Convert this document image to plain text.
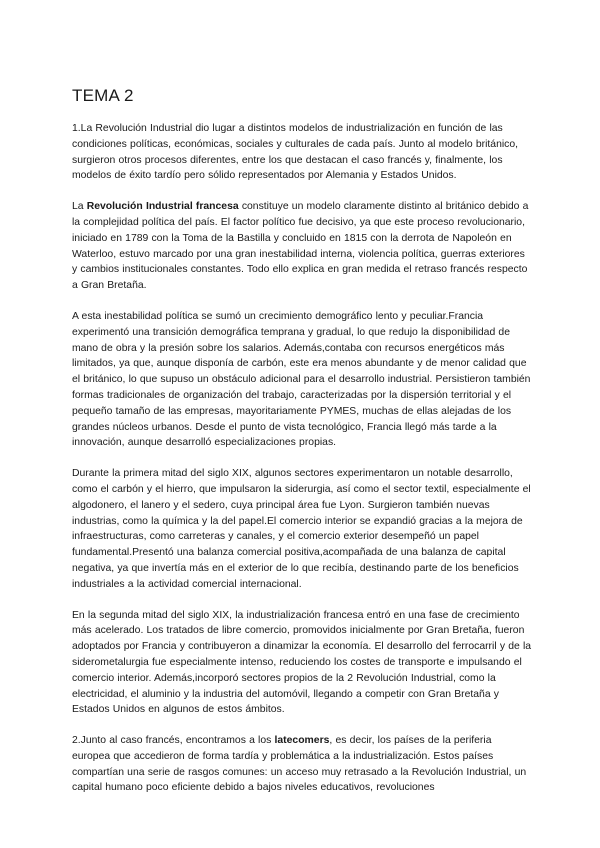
TEMA 2

1.La Revolución Industrial dio lugar a distintos modelos de industrialización en función de las condiciones políticas, económicas, sociales y culturales de cada país. Junto al modelo británico, surgieron otros procesos diferentes, entre los que destacan el caso francés y, finalmente, los modelos de éxito tardío pero sólido representados por Alemania y Estados Unidos.

La Revolución Industrial francesa constituye un modelo claramente distinto al británico debido a la complejidad política del país. El factor político fue decisivo, ya que este proceso revolucionario, iniciado en 1789 con la Toma de la Bastilla y concluido en 1815 con la derrota de Napoleón en Waterloo, estuvo marcado por una gran inestabilidad interna, violencia política, guerras exteriores y cambios institucionales constantes. Todo ello explica en gran medida el retraso francés respecto a Gran Bretaña.

A esta inestabilidad política se sumó un crecimiento demográfico lento y peculiar.Francia experimentó una transición demográfica temprana y gradual, lo que redujo la disponibilidad de mano de obra y la presión sobre los salarios. Además,contaba con recursos energéticos más limitados, ya que, aunque disponía de carbón, este era menos abundante y de menor calidad que el británico, lo que supuso un obstáculo adicional para el desarrollo industrial. Persistieron también formas tradicionales de organización del trabajo, caracterizadas por la dispersión territorial y el pequeño tamaño de las empresas, mayoritariamente PYMES, muchas de ellas alejadas de los grandes núcleos urbanos. Desde el punto de vista tecnológico, Francia llegó más tarde a la innovación, aunque desarrolló especializaciones propias.

Durante la primera mitad del siglo XIX, algunos sectores experimentaron un notable desarrollo, como el carbón y el hierro, que impulsaron la siderurgia, así como el sector textil, especialmente el algodonero, el lanero y el sedero, cuya principal área fue Lyon. Surgieron también nuevas industrias, como la química y la del papel.El comercio interior se expandió gracias a la mejora de infraestructuras, como carreteras y canales, y el comercio exterior desempeñó un papel fundamental.Presentó una balanza comercial positiva,acompañada de una balanza de capital negativa, ya que invertía más en el exterior de lo que recibía, destinando parte de los beneficios industriales a la actividad comercial internacional.

En la segunda mitad del siglo XIX, la industrialización francesa entró en una fase de crecimiento más acelerado. Los tratados de libre comercio, promovidos inicialmente por Gran Bretaña, fueron adoptados por Francia y contribuyeron a dinamizar la economía. El desarrollo del ferrocarril y de la siderometalurgia fue especialmente intenso, reduciendo los costes de transporte e impulsando el comercio interior. Además,incorporó sectores propios de la 2 Revolución Industrial, como la electricidad, el aluminio y la industria del automóvil, llegando a competir con Gran Bretaña y Estados Unidos en algunos de estos ámbitos.

2.Junto al caso francés, encontramos a los latecomers, es decir, los países de la periferia europea que accedieron de forma tardía y problemática a la industrialización. Estos países compartían una serie de rasgos comunes: un acceso muy retrasado a la Revolución Industrial, un capital humano poco eficiente debido a bajos niveles educativos, revoluciones
